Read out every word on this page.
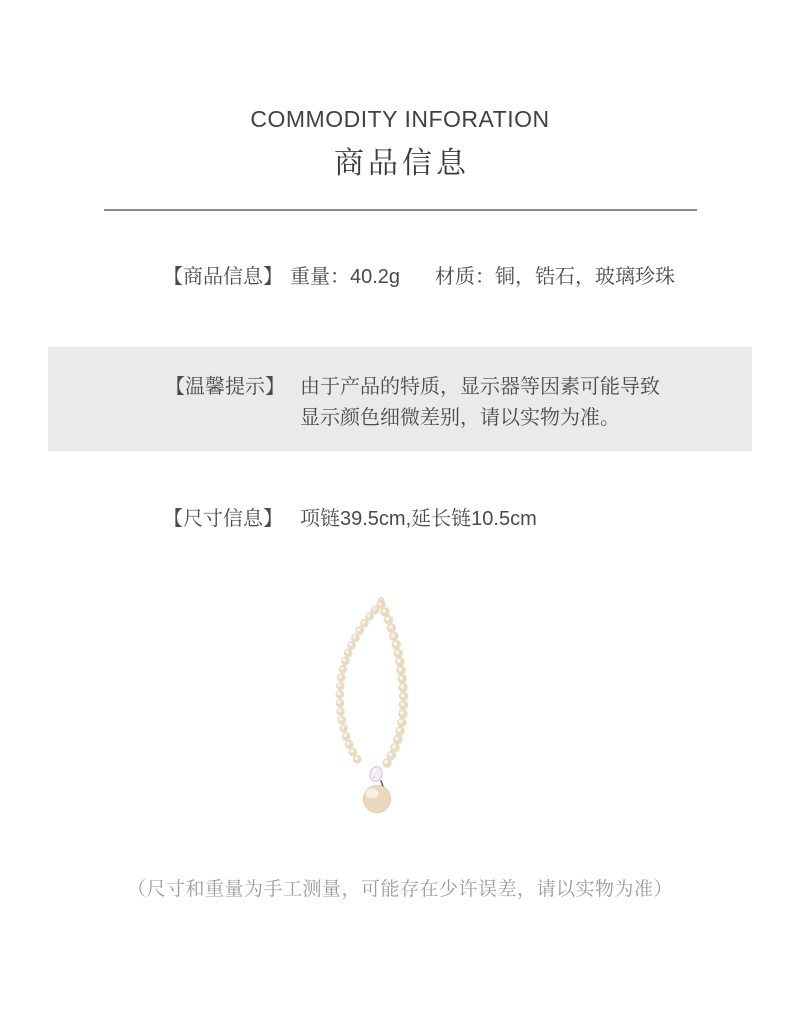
COMMODITY INFORATION
商品信息
【商品信息】 重量：40.2g 材质：铜，锆石，玻璃珍珠
【温馨提示】 由于产品的特质，显示器等因素可能导致
显示颜色细微差别，请以实物为准。
【尺寸信息】 项链39.5cm,延长链10.5cm
（尺寸和重量为手工测量，可能存在少许误差，请以实物为准）
